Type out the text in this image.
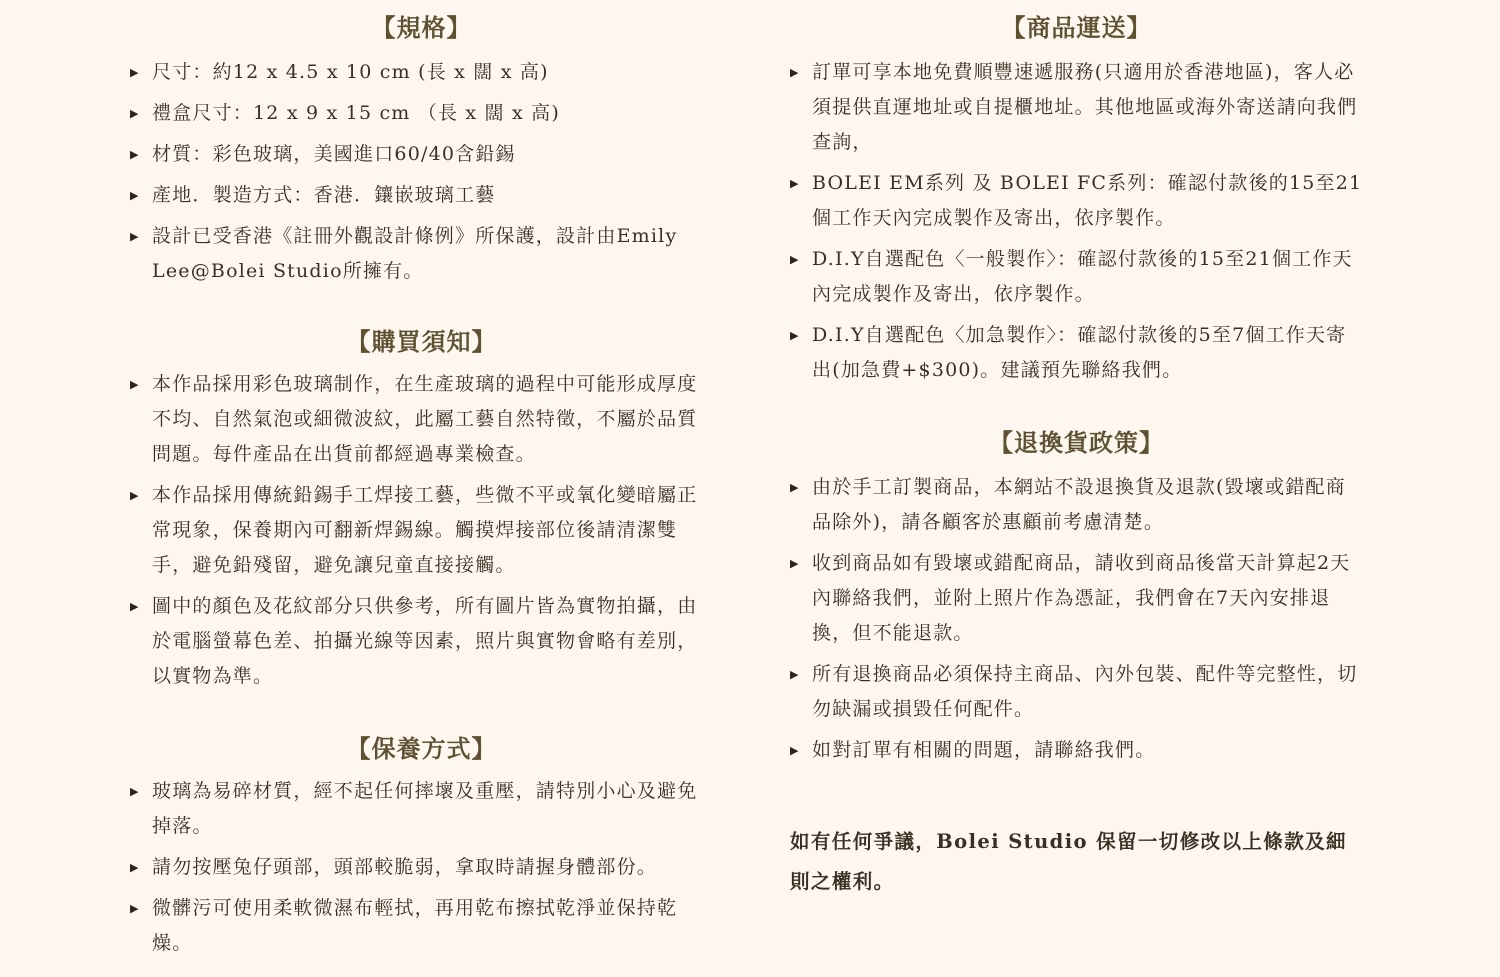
【規格】
▶ 尺寸：約12 x 4.5 x 10 cm (長 x 闊 x 高)
▶ 禮盒尺寸：12 x 9 x 15 cm （長 x 闊 x 高)
▶ 材質：彩色玻璃，美國進口60/40含鉛錫
▶ 產地．製造方式：香港．鑲嵌玻璃工藝
▶ 設計已受香港《註冊外觀設計條例》所保護，設計由Emily Lee@Bolei Studio所擁有。
【購買須知】
▶ 本作品採用彩色玻璃制作，在生產玻璃的過程中可能形成厚度不均、自然氣泡或細微波紋，此屬工藝自然特徵，不屬於品質問題。每件產品在出貨前都經過專業檢查。
▶ 本作品採用傳統鉛錫手工焊接工藝，些微不平或氧化變暗屬正常現象，保養期內可翻新焊錫線。觸摸焊接部位後請清潔雙手，避免鉛殘留，避免讓兒童直接接觸。
▶ 圖中的顏色及花紋部分只供參考，所有圖片皆為實物拍攝，由於電腦螢幕色差、拍攝光線等因素，照片與實物會略有差別，以實物為準。
【保養方式】
▶ 玻璃為易碎材質，經不起任何摔壞及重壓，請特別小心及避免掉落。
▶ 請勿按壓兔仔頭部，頭部較脆弱，拿取時請握身體部份。
▶ 微髒污可使用柔軟微濕布輕拭，再用乾布擦拭乾淨並保持乾燥。
【商品運送】
▶ 訂單可享本地免費順豐速遞服務(只適用於香港地區)，客人必須提供直運地址或自提櫃地址。其他地區或海外寄送請向我們查詢，
▶ BOLEI EM系列 及 BOLEI FC系列：確認付款後的15至21個工作天內完成製作及寄出，依序製作。
▶ D.I.Y自選配色〈一般製作〉：確認付款後的15至21個工作天內完成製作及寄出，依序製作。
▶ D.I.Y自選配色〈加急製作〉：確認付款後的5至7個工作天寄出(加急費+$300)。建議預先聯絡我們。
【退換貨政策】
▶ 由於手工訂製商品，本網站不設退換貨及退款(毀壞或錯配商品除外)，請各顧客於惠顧前考慮清楚。
▶ 收到商品如有毀壞或錯配商品，請收到商品後當天計算起2天內聯絡我們，並附上照片作為憑証，我們會在7天內安排退換，但不能退款。
▶ 所有退換商品必須保持主商品、內外包裝、配件等完整性，切勿缺漏或損毀任何配件。
▶ 如對訂單有相關的問題，請聯絡我們。

如有任何爭議，Bolei Studio 保留一切修改以上條款及細則之權利。
